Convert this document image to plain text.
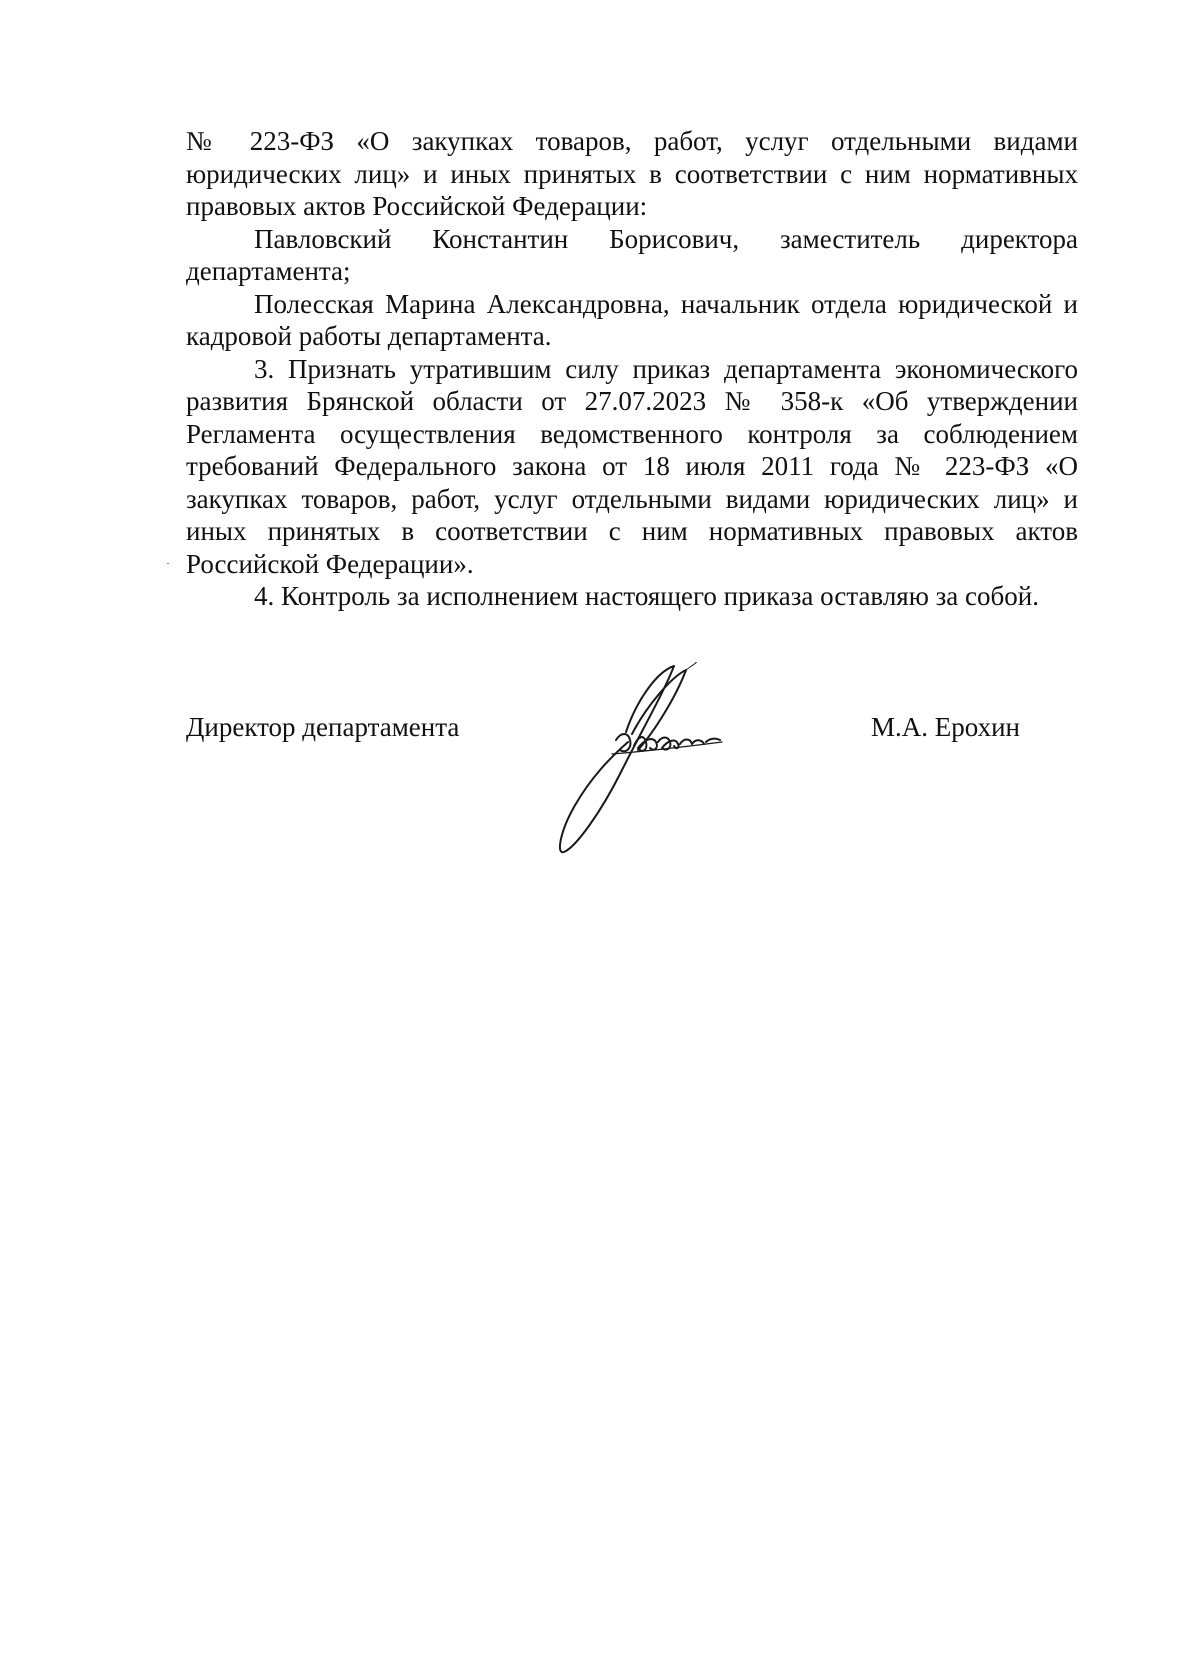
№ 223-ФЗ «О закупках товаров, работ, услуг отдельными видами юридических лиц» и иных принятых в соответствии с ним нормативных правовых актов Российской Федерации:

Павловский Константин Борисович, заместитель директора департамента;

Полесская Марина Александровна, начальник отдела юридической и кадровой работы департамента.

3. Признать утратившим силу приказ департамента экономического развития Брянской области от 27.07.2023 № 358-к «Об утверждении Регламента осуществления ведомственного контроля за соблюдением требований Федерального закона от 18 июля 2011 года № 223-ФЗ «О закупках товаров, работ, услуг отдельными видами юридических лиц» и иных принятых в соответствии с ним нормативных правовых актов Российской Федерации».

4. Контроль за исполнением настоящего приказа оставляю за собой.

Директор департамента	М.А. Ерохин
